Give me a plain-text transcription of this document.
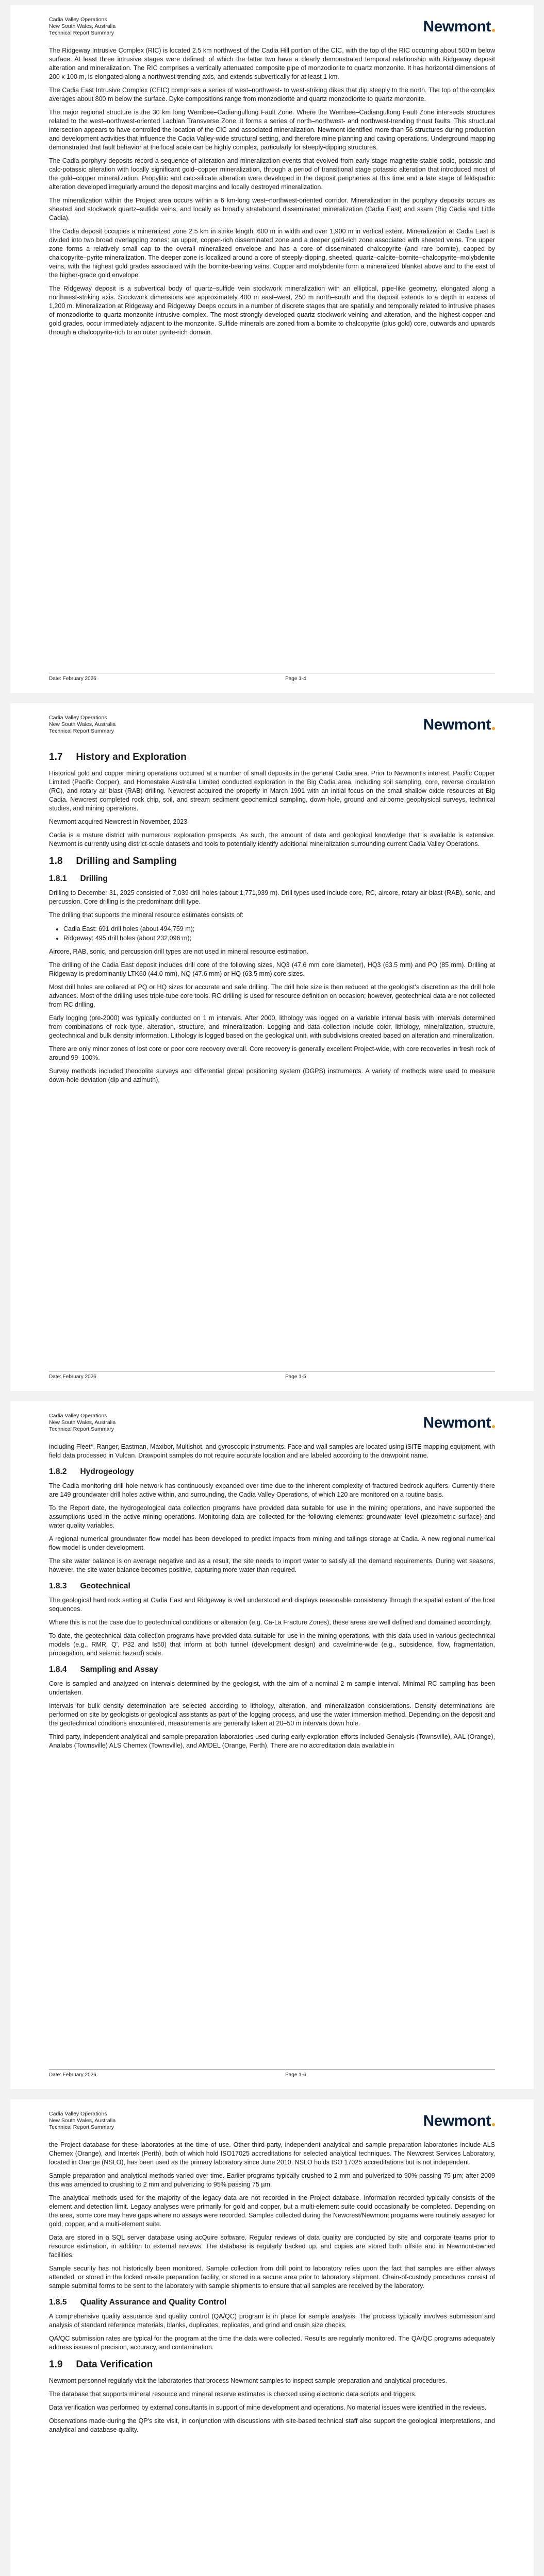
Cadia Valley Operations
New South Wales, Australia
Technical Report Summary	Newmont

The Ridgeway Intrusive Complex (RIC) is located 2.5 km northwest of the Cadia Hill portion of the CIC, with the top of the RIC occurring about 500 m below surface. At least three intrusive stages were defined, of which the latter two have a clearly demonstrated temporal relationship with Ridgeway deposit alteration and mineralization. The RIC comprises a vertically attenuated composite pipe of monzodiorite to quartz monzonite. It has horizontal dimensions of 200 x 100 m, is elongated along a northwest trending axis, and extends subvertically for at least 1 km.

The Cadia East Intrusive Complex (CEIC) comprises a series of west–northwest- to west-striking dikes that dip steeply to the north. The top of the complex averages about 800 m below the surface. Dyke compositions range from monzodiorite and quartz monzodiorite to quartz monzonite.

The major regional structure is the 30 km long Werribee–Cadiangullong Fault Zone. Where the Werribee–Cadiangullong Fault Zone intersects structures related to the west–northwest-oriented Lachlan Transverse Zone, it forms a series of north–northwest- and northwest-trending thrust faults. This structural intersection appears to have controlled the location of the CIC and associated mineralization. Newmont identified more than 56 structures during production and development activities that influence the Cadia Valley-wide structural setting, and therefore mine planning and caving operations. Underground mapping demonstrated that fault behavior at the local scale can be highly complex, particularly for steeply-dipping structures.

The Cadia porphyry deposits record a sequence of alteration and mineralization events that evolved from early-stage magnetite-stable sodic, potassic and calc-potassic alteration with locally significant gold–copper mineralization, through a period of transitional stage potassic alteration that introduced most of the gold–copper mineralization. Propylitic and calc-silicate alteration were developed in the deposit peripheries at this time and a late stage of feldspathic alteration developed irregularly around the deposit margins and locally destroyed mineralization.

The mineralization within the Project area occurs within a 6 km-long west–northwest-oriented corridor. Mineralization in the porphyry deposits occurs as sheeted and stockwork quartz–sulfide veins, and locally as broadly stratabound disseminated mineralization (Cadia East) and skarn (Big Cadia and Little Cadia).

The Cadia deposit occupies a mineralized zone 2.5 km in strike length, 600 m in width and over 1,900 m in vertical extent. Mineralization at Cadia East is divided into two broad overlapping zones: an upper, copper-rich disseminated zone and a deeper gold-rich zone associated with sheeted veins. The upper zone forms a relatively small cap to the overall mineralized envelope and has a core of disseminated chalcopyrite (and rare bornite), capped by chalcopyrite–pyrite mineralization. The deeper zone is localized around a core of steeply-dipping, sheeted, quartz–calcite–bornite–chalcopyrite–molybdenite veins, with the highest gold grades associated with the bornite-bearing veins. Copper and molybdenite form a mineralized blanket above and to the east of the higher-grade gold envelope.

The Ridgeway deposit is a subvertical body of quartz–sulfide vein stockwork mineralization with an elliptical, pipe-like geometry, elongated along a northwest-striking axis. Stockwork dimensions are approximately 400 m east–west, 250 m north–south and the deposit extends to a depth in excess of 1,200 m. Mineralization at Ridgeway and Ridgeway Deeps occurs in a number of discrete stages that are spatially and temporally related to intrusive phases of monzodiorite to quartz monzonite intrusive complex. The most strongly developed quartz stockwork veining and alteration, and the highest copper and gold grades, occur immediately adjacent to the monzonite. Sulfide minerals are zoned from a bornite to chalcopyrite (plus gold) core, outwards and upwards through a chalcopyrite-rich to an outer pyrite-rich domain.

Date: February 2026	Page 1-4
Cadia Valley Operations
New South Wales, Australia
Technical Report Summary	Newmont
1.7 History and Exploration

Historical gold and copper mining operations occurred at a number of small deposits in the general Cadia area. Prior to Newmont's interest, Pacific Copper Limited (Pacific Copper), and Homestake Australia Limited conducted exploration in the Big Cadia area, including soil sampling, core, reverse circulation (RC), and rotary air blast (RAB) drilling. Newcrest acquired the property in March 1991 with an initial focus on the small shallow oxide resources at Big Cadia. Newcrest completed rock chip, soil, and stream sediment geochemical sampling, down-hole, ground and airborne geophysical surveys, technical studies, and mining operations.

Newmont acquired Newcrest in November, 2023

Cadia is a mature district with numerous exploration prospects. As such, the amount of data and geological knowledge that is available is extensive. Newmont is currently using district-scale datasets and tools to potentially identify additional mineralization surrounding current Cadia Valley Operations.

1.8 Drilling and Sampling
1.8.1 Drilling

Drilling to December 31, 2025 consisted of 7,039 drill holes (about 1,771,939 m). Drill types used include core, RC, aircore, rotary air blast (RAB), sonic, and percussion. Core drilling is the predominant drill type.

The drilling that supports the mineral resource estimates consists of:

• Cadia East: 691 drill holes (about 494,759 m);
• Ridgeway: 495 drill holes (about 232,096 m);

Aircore, RAB, sonic, and percussion drill types are not used in mineral resource estimation.

The drilling of the Cadia East deposit includes drill core of the following sizes, NQ3 (47.6 mm core diameter), HQ3 (63.5 mm) and PQ (85 mm). Drilling at Ridgeway is predominantly LTK60 (44.0 mm), NQ (47.6 mm) or HQ (63.5 mm) core sizes.

Most drill holes are collared at PQ or HQ sizes for accurate and safe drilling. The drill hole size is then reduced at the geologist's discretion as the drill hole advances. Most of the drilling uses triple-tube core tools. RC drilling is used for resource definition on occasion; however, geotechnical data are not collected from RC drilling.

Early logging (pre-2000) was typically conducted on 1 m intervals. After 2000, lithology was logged on a variable interval basis with intervals determined from combinations of rock type, alteration, structure, and mineralization. Logging and data collection include color, lithology, mineralization, structure, geotechnical and bulk density information. Lithology is logged based on the geological unit, with subdivisions created based on alteration and mineralization.

There are only minor zones of lost core or poor core recovery overall. Core recovery is generally excellent Project-wide, with core recoveries in fresh rock of around 99–100%.

Survey methods included theodolite surveys and differential global positioning system (DGPS) instruments. A variety of methods were used to measure down-hole deviation (dip and azimuth),

Date: February 2026	Page 1-5
Cadia Valley Operations
New South Wales, Australia
Technical Report Summary	Newmont

including Fleet*, Ranger, Eastman, Maxibor, Multishot, and gyroscopic instruments. Face and wall samples are located using iSITE mapping equipment, with field data processed in Vulcan. Drawpoint samples do not require accurate location and are labeled according to the drawpoint name.

1.8.2 Hydrogeology

The Cadia monitoring drill hole network has continuously expanded over time due to the inherent complexity of fractured bedrock aquifers. Currently there are 149 groundwater drill holes active within, and surrounding, the Cadia Valley Operations, of which 120 are monitored on a routine basis.

To the Report date, the hydrogeological data collection programs have provided data suitable for use in the mining operations, and have supported the assumptions used in the active mining operations. Monitoring data are collected for the following elements: groundwater level (piezometric surface) and water quality variables.

A regional numerical groundwater flow model has been developed to predict impacts from mining and tailings storage at Cadia. A new regional numerical flow model is under development.

The site water balance is on average negative and as a result, the site needs to import water to satisfy all the demand requirements. During wet seasons, however, the site water balance becomes positive, capturing more water than required.

1.8.3 Geotechnical

The geological hard rock setting at Cadia East and Ridgeway is well understood and displays reasonable consistency through the spatial extent of the host sequences.

Where this is not the case due to geotechnical conditions or alteration (e.g. Ca-La Fracture Zones), these areas are well defined and domained accordingly.

To date, the geotechnical data collection programs have provided data suitable for use in the mining operations, with this data used in various geotechnical models (e.g., RMR, Q', P32 and Is50) that inform at both tunnel (development design) and cave/mine-wide (e.g., subsidence, flow, fragmentation, propagation, and seismic hazard) scale.

1.8.4 Sampling and Assay

Core is sampled and analyzed on intervals determined by the geologist, with the aim of a nominal 2 m sample interval. Minimal RC sampling has been undertaken.

Intervals for bulk density determination are selected according to lithology, alteration, and mineralization considerations. Density determinations are performed on site by geologists or geological assistants as part of the logging process, and use the water immersion method. Depending on the deposit and the geotechnical conditions encountered, measurements are generally taken at 20–50 m intervals down hole.

Third-party, independent analytical and sample preparation laboratories used during early exploration efforts included Genalysis (Townsville), AAL (Orange), Analabs (Townsville) ALS Chemex (Townsville), and AMDEL (Orange, Perth). There are no accreditation data available in

Date: February 2026	Page 1-6
Cadia Valley Operations
New South Wales, Australia
Technical Report Summary	Newmont

the Project database for these laboratories at the time of use. Other third-party, independent analytical and sample preparation laboratories include ALS Chemex (Orange), and Intertek (Perth), both of which hold ISO17025 accreditations for selected analytical techniques. The Newcrest Services Laboratory, located in Orange (NSLO), has been used as the primary laboratory since June 2010. NSLO holds ISO 17025 accreditations but is not independent.

Sample preparation and analytical methods varied over time. Earlier programs typically crushed to 2 mm and pulverized to 90% passing 75 µm; after 2009 this was amended to crushing to 2 mm and pulverizing to 95% passing 75 µm.

The analytical methods used for the majority of the legacy data are not recorded in the Project database. Information recorded typically consists of the element and detection limit. Legacy analyses were primarily for gold and copper, but a multi-element suite could occasionally be completed. Depending on the area, some core may have gaps where no assays were recorded. Samples collected during the Newcrest/Newmont programs were routinely assayed for gold, copper, and a multi-element suite.

Data are stored in a SQL server database using acQuire software. Regular reviews of data quality are conducted by site and corporate teams prior to resource estimation, in addition to external reviews. The database is regularly backed up, and copies are stored both offsite and in Newmont-owned facilities.

Sample security has not historically been monitored. Sample collection from drill point to laboratory relies upon the fact that samples are either always attended, or stored in the locked on-site preparation facility, or stored in a secure area prior to laboratory shipment. Chain-of-custody procedures consist of sample submittal forms to be sent to the laboratory with sample shipments to ensure that all samples are received by the laboratory.

1.8.5 Quality Assurance and Quality Control

A comprehensive quality assurance and quality control (QA/QC) program is in place for sample analysis. The process typically involves submission and analysis of standard reference materials, blanks, duplicates, replicates, and grind and crush size checks.

QA/QC submission rates are typical for the program at the time the data were collected. Results are regularly monitored. The QA/QC programs adequately address issues of precision, accuracy, and contamination.

1.9 Data Verification

Newmont personnel regularly visit the laboratories that process Newmont samples to inspect sample preparation and analytical procedures.

The database that supports mineral resource and mineral reserve estimates is checked using electronic data scripts and triggers.

Data verification was performed by external consultants in support of mine development and operations. No material issues were identified in the reviews.

Observations made during the QP's site visit, in conjunction with discussions with site-based technical staff also support the geological interpretations, and analytical and database quality.
